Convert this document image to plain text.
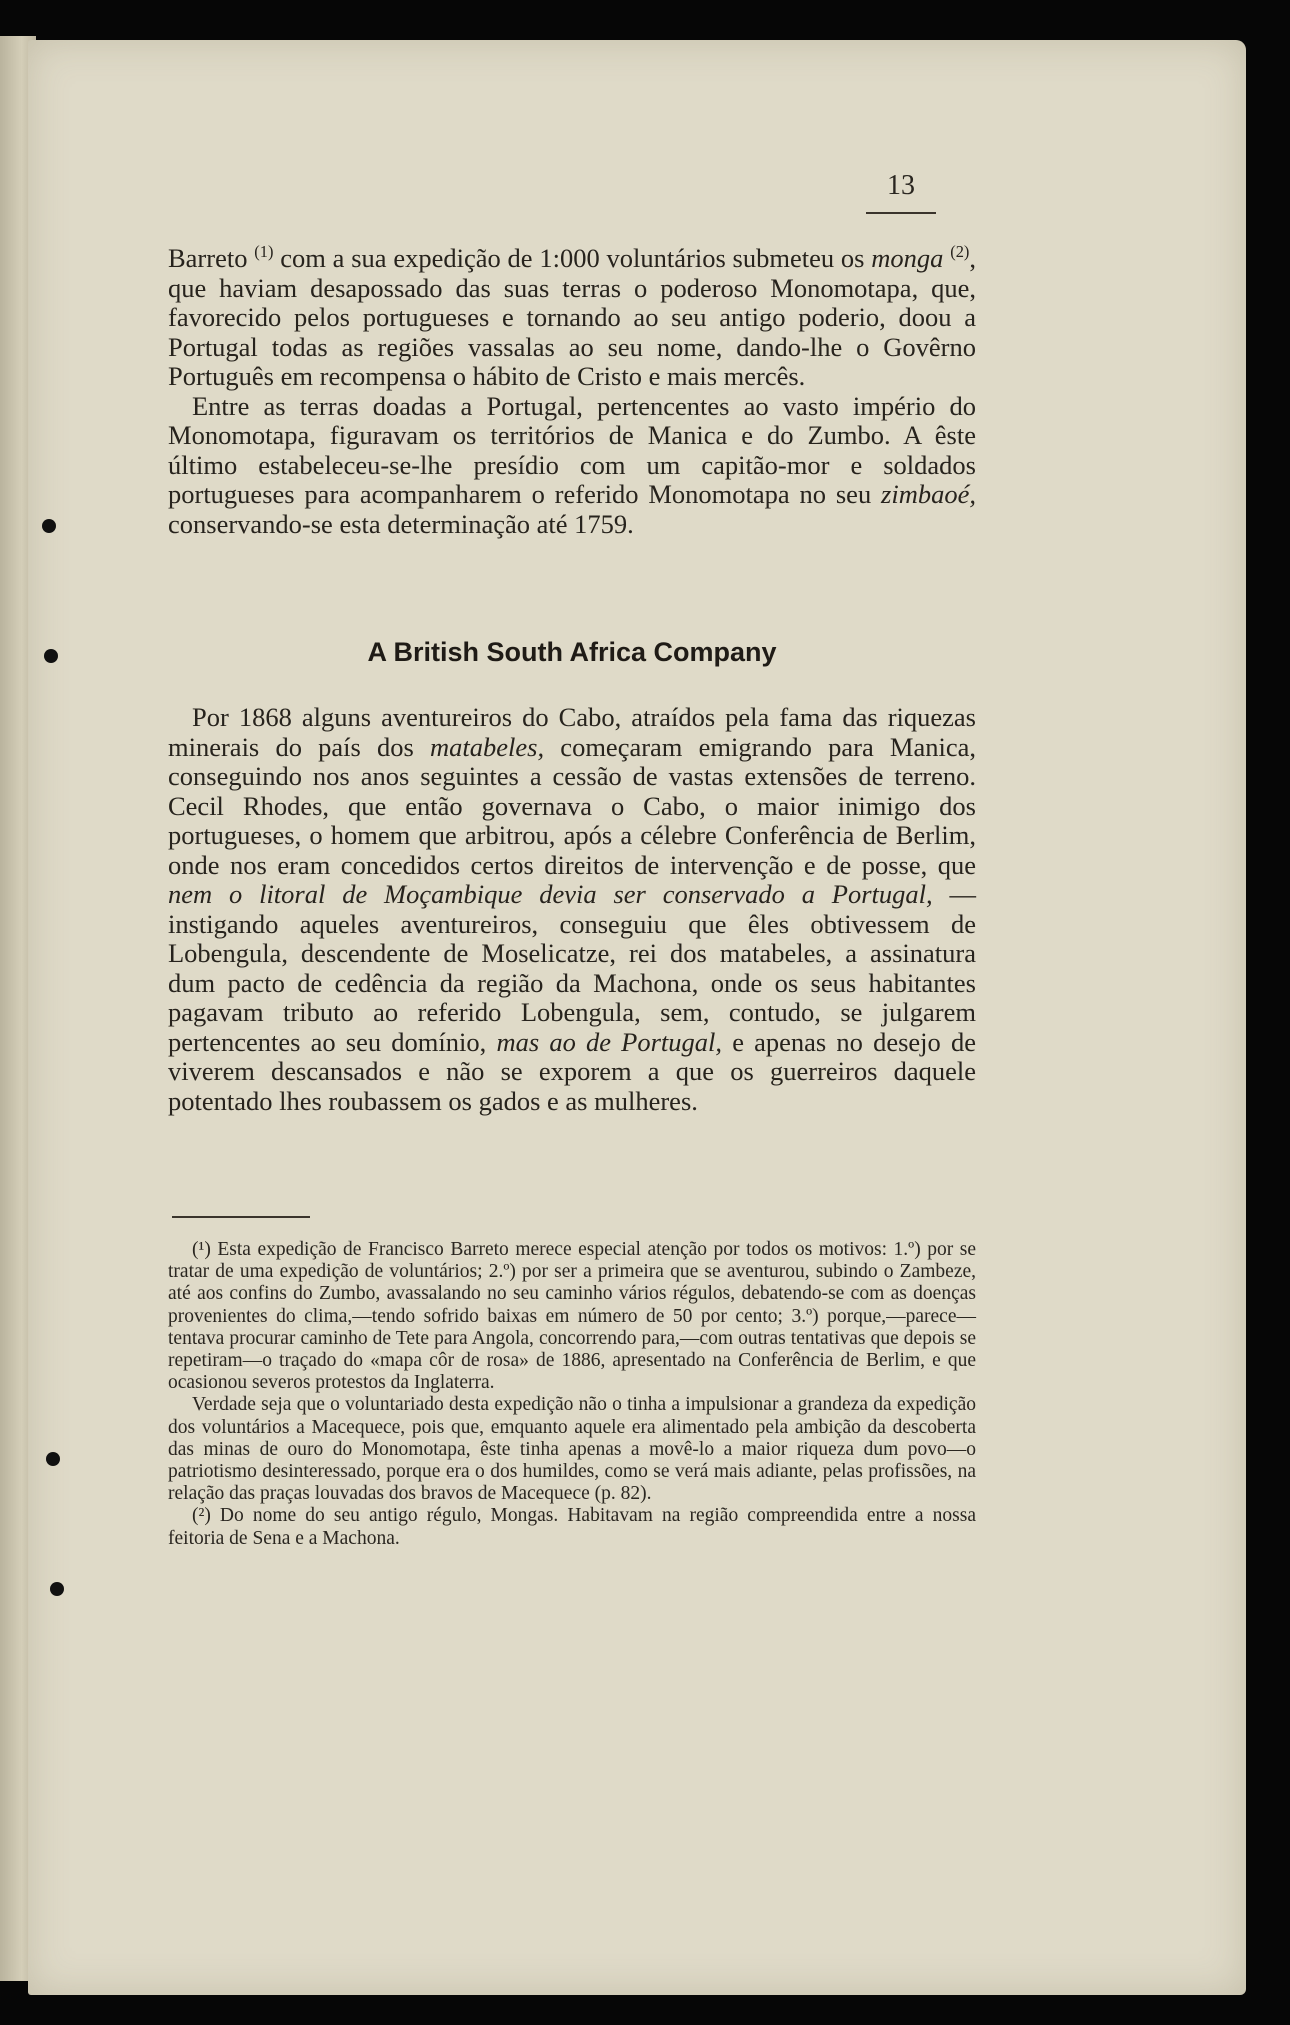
13

Barreto $^{(1)}$ com a sua expedição de 1:000 voluntários submeteu os monga $^{(2)}$, que haviam desapossado das suas terras o poderoso Monomotapa, que, favorecido pelos portugueses e tornando ao seu antigo poderio, doou a Portugal todas as regiões vassalas ao seu nome, dando-lhe o Govêrno Português em recompensa o hábito de Cristo e mais mercês.

Entre as terras doadas a Portugal, pertencentes ao vasto império do Monomotapa, figuravam os territórios de Manica e do Zumbo. A êste último estabeleceu-se-lhe presídio com um capitão-mor e soldados portugueses para acompanharem o referido Monomotapa no seu zimbaoé, conservando-se esta determinação até 1759.

A British South Africa Company

Por 1868 alguns aventureiros do Cabo, atraídos pela fama das riquezas minerais do país dos matabeles, começaram emigrando para Manica, conseguindo nos anos seguintes a cessão de vastas extensões de terreno. Cecil Rhodes, que então governava o Cabo, o maior inimigo dos portugueses, o homem que arbitrou, após a célebre Conferência de Berlim, onde nos eram concedidos certos direitos de intervenção e de posse, que nem o litoral de Moçambique devia ser conservado a Portugal, —instigando aqueles aventureiros, conseguiu que êles obtivessem de Lobengula, descendente de Moselicatze, rei dos matabeles, a assinatura dum pacto de cedência da região da Machona, onde os seus habitantes pagavam tributo ao referido Lobengula, sem, contudo, se julgarem pertencentes ao seu domínio, mas ao de Portugal, e apenas no desejo de viverem descansados e não se exporem a que os guerreiros daquele potentado lhes roubassem os gados e as mulheres.

(¹) Esta expedição de Francisco Barreto merece especial atenção por todos os motivos: 1.º) por se tratar de uma expedição de voluntários; 2.º) por ser a primeira que se aventurou, subindo o Zambeze, até aos confins do Zumbo, avassalando no seu caminho vários régulos, debatendo-se com as doenças provenientes do clima,—tendo sofrido baixas em número de 50 por cento; 3.º) porque,—parece—tentava procurar caminho de Tete para Angola, concorrendo para,—com outras tentativas que depois se repetiram—o traçado do «mapa côr de rosa» de 1886, apresentado na Conferência de Berlim, e que ocasionou severos protestos da Inglaterra.

Verdade seja que o voluntariado desta expedição não o tinha a impulsionar a grandeza da expedição dos voluntários a Macequece, pois que, emquanto aquele era alimentado pela ambição da descoberta das minas de ouro do Monomotapa, êste tinha apenas a movê-lo a maior riqueza dum povo—o patriotismo desinteressado, porque era o dos humildes, como se verá mais adiante, pelas profissões, na relação das praças louvadas dos bravos de Macequece (p. 82).

(²) Do nome do seu antigo régulo, Mongas. Habitavam na região compreendida entre a nossa feitoria de Sena e a Machona.
